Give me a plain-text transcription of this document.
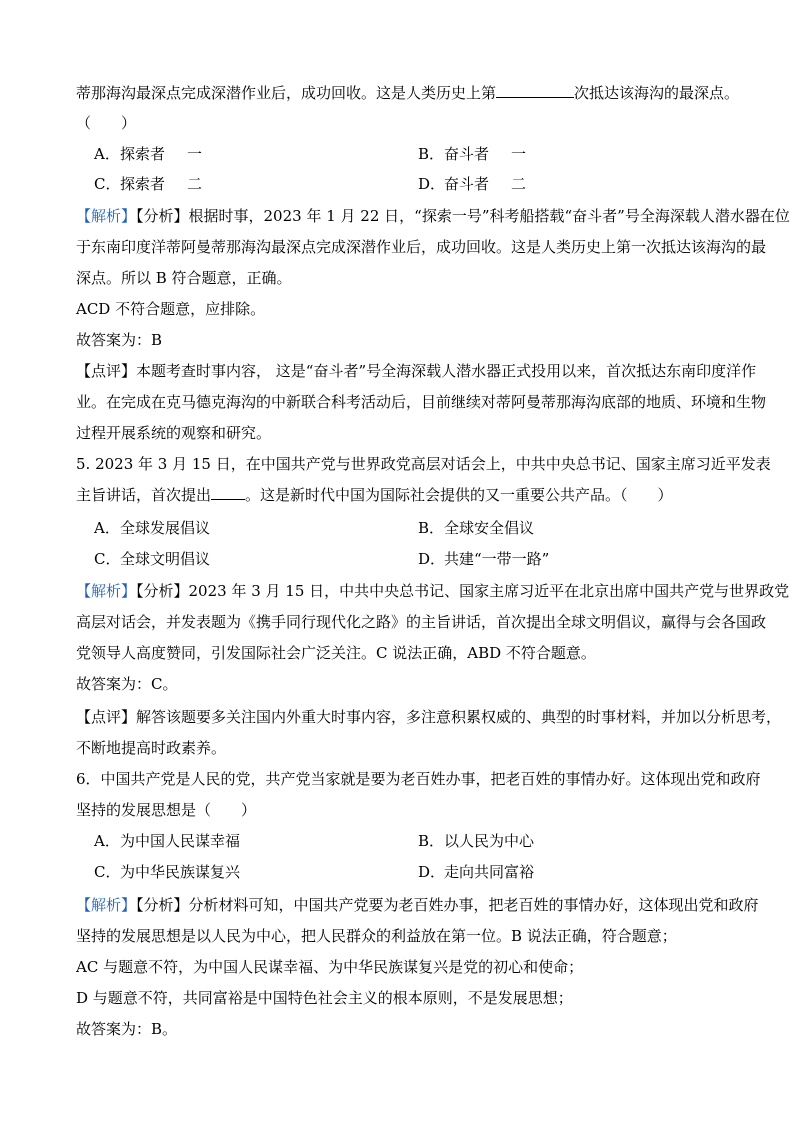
蒂那海沟最深点完成深潜作业后，成功回收。这是人类历史上第	次抵达该海沟的最深点。
（　　）
A．探索者 一	B．奋斗者 一
C．探索者 二	D．奋斗者 二
【解析】【分析】根据时事，2023 年 1 月 22 日，“探索一号”科考船搭载“奋斗者”号全海深载人潜水器在位
于东南印度洋蒂阿曼蒂那海沟最深点完成深潜作业后，成功回收。这是人类历史上第一次抵达该海沟的最
深点。所以 B 符合题意，正确。
ACD 不符合题意，应排除。
故答案为：B
【点评】本题考查时事内容， 这是“奋斗者”号全海深载人潜水器正式投用以来，首次抵达东南印度洋作
业。在完成在克马德克海沟的中新联合科考活动后，目前继续对蒂阿曼蒂那海沟底部的地质、环境和生物
过程开展系统的观察和研究。
5. 2023 年 3 月 15 日，在中国共产党与世界政党高层对话会上，中共中央总书记、国家主席习近平发表
主旨讲话，首次提出 。这是新时代中国为国际社会提供的又一重要公共产品。（　　）
A．全球发展倡议	B．全球安全倡议
C．全球文明倡议	D．共建“一带一路”
【解析】【分析】2023 年 3 月 15 日，中共中央总书记、国家主席习近平在北京出席中国共产党与世界政党
高层对话会，并发表题为《携手同行现代化之路》的主旨讲话，首次提出全球文明倡议，赢得与会各国政
党领导人高度赞同，引发国际社会广泛关注。C 说法正确，ABD 不符合题意。
故答案为：C。
【点评】解答该题要多关注国内外重大时事内容，多注意积累权威的、典型的时事材料，并加以分析思考，
不断地提高时政素养。
6．中国共产党是人民的党，共产党当家就是要为老百姓办事，把老百姓的事情办好。这体现出党和政府
坚持的发展思想是（　　）
A．为中国人民谋幸福	B．以人民为中心
C．为中华民族谋复兴	D．走向共同富裕
【解析】【分析】分析材料可知，中国共产党要为老百姓办事，把老百姓的事情办好，这体现出党和政府
坚持的发展思想是以人民为中心，把人民群众的利益放在第一位。B 说法正确，符合题意；
AC 与题意不符，为中国人民谋幸福、为中华民族谋复兴是党的初心和使命；
D 与题意不符，共同富裕是中国特色社会主义的根本原则，不是发展思想；
故答案为：B。
